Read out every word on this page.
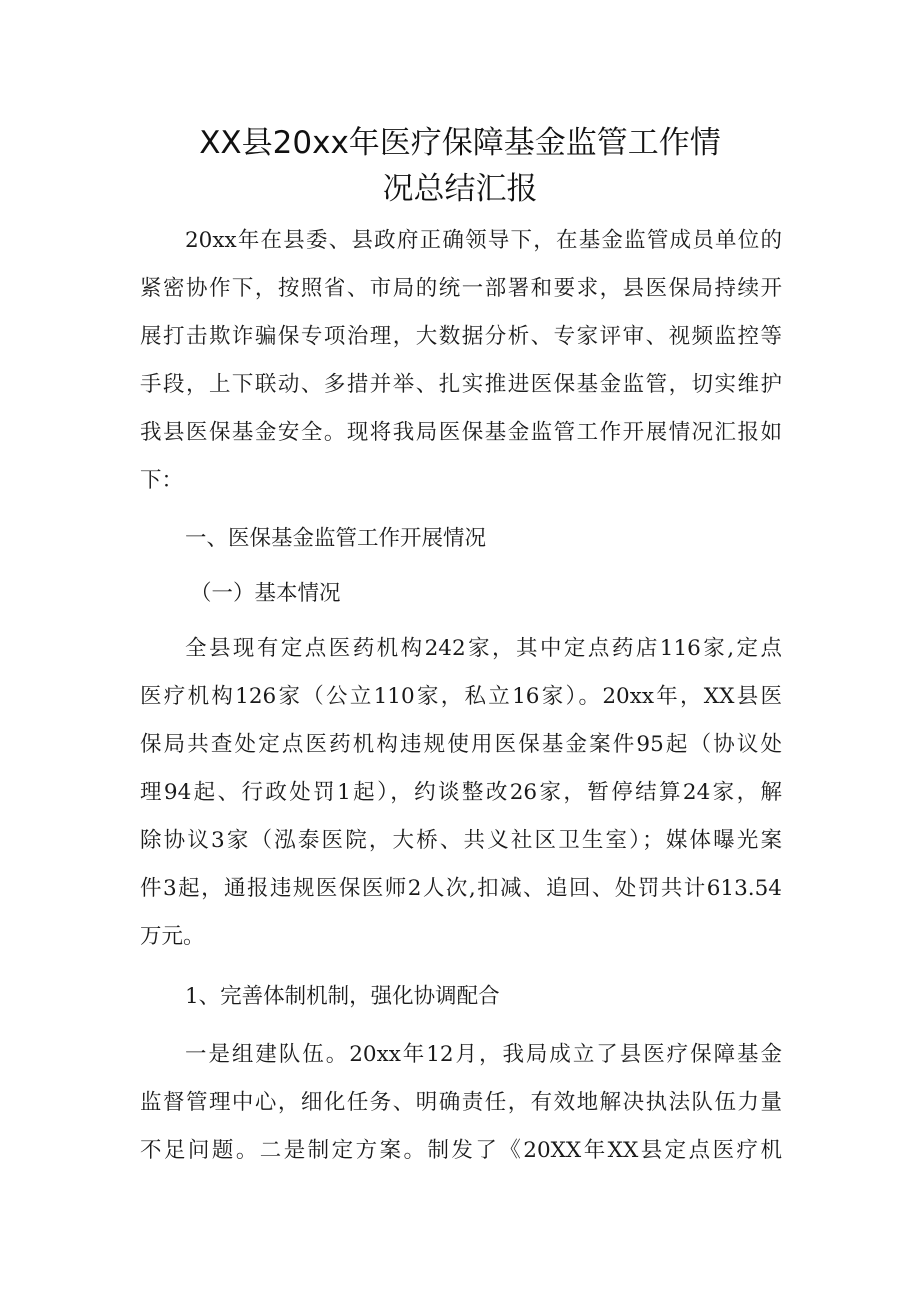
XX县20xx年医疗保障基金监管工作情
况总结汇报

20xx年在县委、县政府正确领导下，在基金监管成员单位的

紧密协作下，按照省、市局的统一部署和要求，县医保局持续开

展打击欺诈骗保专项治理，大数据分析、专家评审、视频监控等

手段，上下联动、多措并举、扎实推进医保基金监管，切实维护

我县医保基金安全。现将我局医保基金监管工作开展情况汇报如

下：

一、医保基金监管工作开展情况

（一）基本情况

全县现有定点医药机构242家，其中定点药店116家,定点

医疗机构126家（公立110家，私立16家）。20xx年，XX县医

保局共查处定点医药机构违规使用医保基金案件95起（协议处

理94起、行政处罚1起），约谈整改26家，暂停结算24家，解

除协议3家（泓泰医院，大桥、共义社区卫生室）；媒体曝光案

件3起，通报违规医保医师2人次,扣减、追回、处罚共计613.54

万元。

1、完善体制机制，强化协调配合

一是组建队伍。20xx年12月，我局成立了县医疗保障基金

监督管理中心，细化任务、明确责任，有效地解决执法队伍力量

不足问题。二是制定方案。制发了《20XX年XX县定点医疗机
